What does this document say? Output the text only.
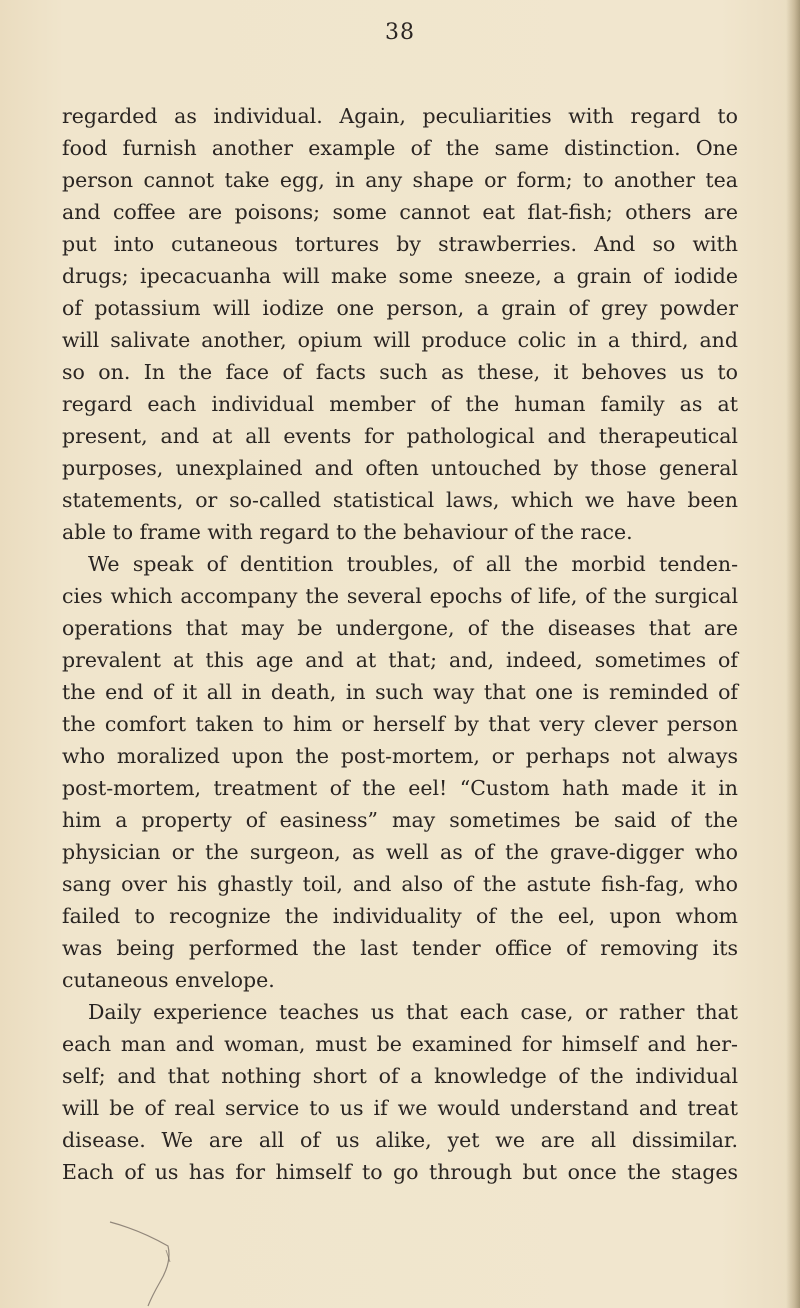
38
regarded as individual. Again, peculiarities with regard to
food furnish another example of the same distinction. One
person cannot take egg, in any shape or form; to another tea
and coffee are poisons; some cannot eat flat-fish; others are
put into cutaneous tortures by strawberries. And so with
drugs; ipecacuanha will make some sneeze, a grain of iodide
of potassium will iodize one person, a grain of grey powder
will salivate another, opium will produce colic in a third, and
so on. In the face of facts such as these, it behoves us to
regard each individual member of the human family as at
present, and at all events for pathological and therapeutical
purposes, unexplained and often untouched by those general
statements, or so-called statistical laws, which we have been
able to frame with regard to the behaviour of the race.
We speak of dentition troubles, of all the morbid tenden-
cies which accompany the several epochs of life, of the surgical
operations that may be undergone, of the diseases that are
prevalent at this age and at that; and, indeed, sometimes of
the end of it all in death, in such way that one is reminded of
the comfort taken to him or herself by that very clever person
who moralized upon the post-mortem, or perhaps not always
post-mortem, treatment of the eel! “Custom hath made it in
him a property of easiness” may sometimes be said of the
physician or the surgeon, as well as of the grave-digger who
sang over his ghastly toil, and also of the astute fish-fag, who
failed to recognize the individuality of the eel, upon whom
was being performed the last tender office of removing its
cutaneous envelope.
Daily experience teaches us that each case, or rather that
each man and woman, must be examined for himself and her-
self; and that nothing short of a knowledge of the individual
will be of real service to us if we would understand and treat
disease. We are all of us alike, yet we are all dissimilar.
Each of us has for himself to go through but once the stages
